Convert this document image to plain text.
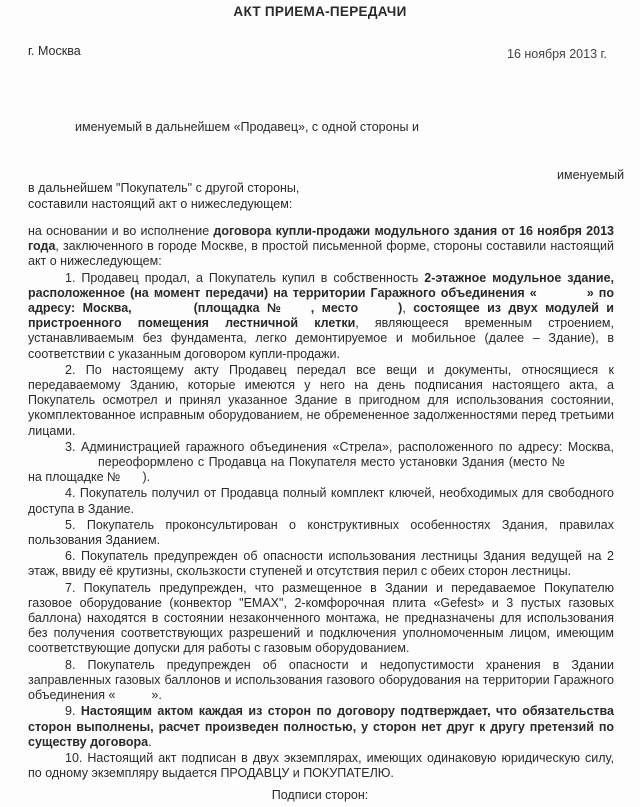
АКТ ПРИЕМА-ПЕРЕДАЧИ
г. Москва	16 ноября 2013 г.
именуемый в дальнейшем «Продавец», с одной стороны и
именуемый
в дальнейшем "Покупатель" с другой стороны,
составили настоящий акт о нижеследующем:

на основании и во исполнение договора купли-продажи модульного здания от 16 ноября 2013 года, заключенного в городе Москве, в простой письменной форме, стороны составили настоящий акт о нижеследующем:

1. Продавец продал, а Покупатель купил в собственность 2-этажное модульное здание, расположенное (на момент передачи) на территории Гаражного объединения «	» по адресу: Москва,	(площадка № , место	), состоящее из двух модулей и пристроенного помещения лестничной клетки, являющееся временным строением, устанавливаемым без фундамента, легко демонтируемое и мобильное (далее – Здание), в соответствии с указанным договором купли-продажи.

2. По настоящему акту Продавец передал все вещи и документы, относящиеся к передаваемому Зданию, которые имеются у него на день подписания настоящего акта, а Покупатель осмотрел и принял указанное Здание в пригодном для использования состоянии, укомплектованное исправным оборудованием, не обремененное задолженностями перед третьими лицами.

3. Администрацией гаражного объединения «Стрела», расположенного по адресу: Москва,переоформлено с Продавца на Покупателя место установки Здания (место №на площадке № ).

4. Покупатель получил от Продавца полный комплект ключей, необходимых для свободного доступа в Здание.

5. Покупатель проконсультирован о конструктивных особенностях Здания, правилах пользования Зданием.

6. Покупатель предупрежден об опасности использования лестницы Здания ведущей на 2 этаж, ввиду её крутизны, скользкости ступеней и отсутствия перил с обеих сторон лестницы.

7. Покупатель предупрежден, что размещенное в Здании и передаваемое Покупателю газовое оборудование (конвектор "ЕМАХ", 2-комфорочная плита «Gefest» и 3 пустых газовых баллона) находятся в состоянии незаконченного монтажа, не предназначены для использования без получения соответствующих разрешений и подключения уполномоченным лицом, имеющим соответствующие допуски для работы с газовым оборудованием.

8. Покупатель предупрежден об опасности и недопустимости хранения в Здании заправленных газовых баллонов и использования газового оборудования на территории Гаражного объединения «	».

9. Настоящим актом каждая из сторон по договору подтверждает, что обязательства сторон выполнены, расчет произведен полностью, у сторон нет друг к другу претензий по существу договора.

10. Настоящий акт подписан в двух экземплярах, имеющих одинаковую юридическую силу, по одному экземпляру выдается ПРОДАВЦУ и ПОКУПАТЕЛЮ.

Подписи сторон:
